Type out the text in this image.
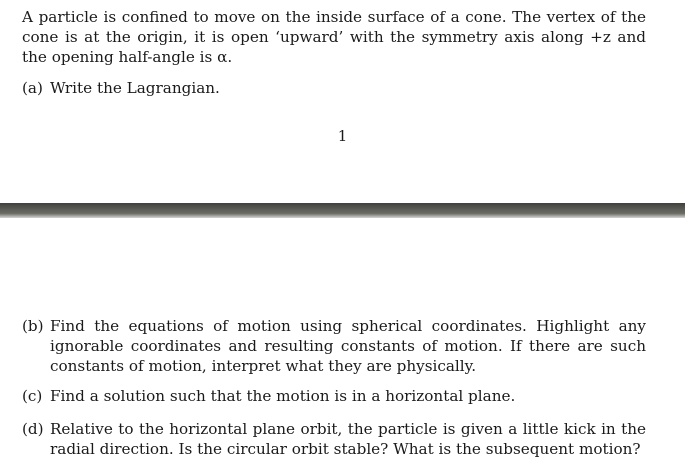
A particle is confined to move on the inside surface of a cone. The vertex of the cone is at the origin, it is open ‘upward’ with the symmetry axis along +z and the opening half-angle is α.

(a) Write the Lagrangian.
1
(b) Find the equations of motion using spherical coordinates. Highlight any ignorable coordinates and resulting constants of motion. If there are such constants of motion, interpret what they are physically.
(c) Find a solution such that the motion is in a horizontal plane.
(d) Relative to the horizontal plane orbit, the particle is given a little kick in the radial direction. Is the circular orbit stable? What is the subsequent motion?
